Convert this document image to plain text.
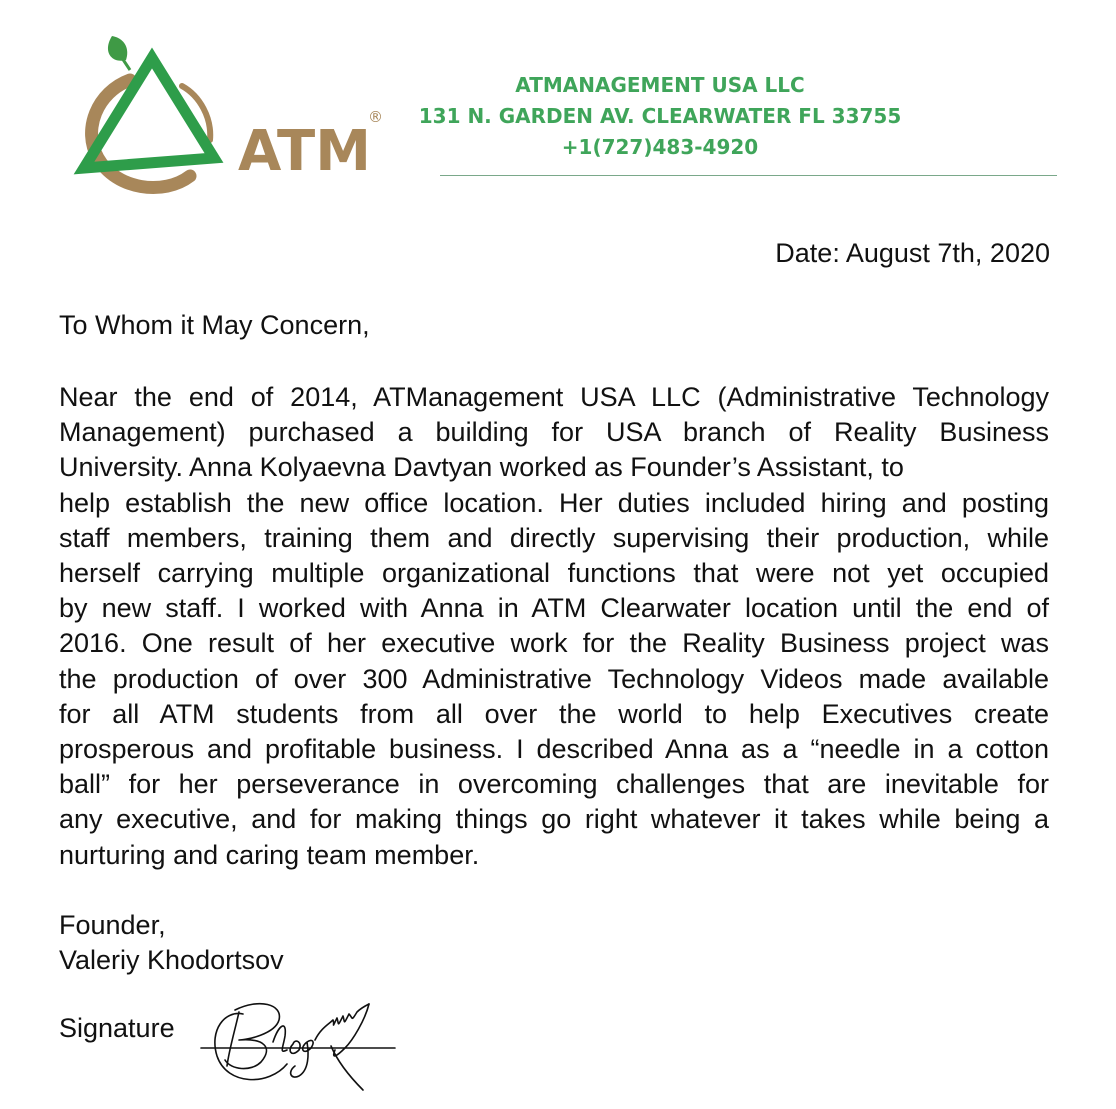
ATM
®
ATMANAGEMENT USA LLC
131 N. GARDEN AV. CLEARWATER FL 33755
+1(727)483-4920
Date: August 7th, 2020
To Whom it May Concern,
Near the end of 2014, ATManagement USA LLC (Administrative Technology
Management) purchased a building for USA branch of Reality Business
University. Anna Kolyaevna Davtyan worked as Founder’s Assistant, to
help establish the new office location. Her duties included hiring and posting
staff members, training them and directly supervising their production, while
herself carrying multiple organizational functions that were not yet occupied
by new staff. I worked with Anna in ATM Clearwater location until the end of
2016. One result of her executive work for the Reality Business project was
the production of over 300 Administrative Technology Videos made available
for all ATM students from all over the world to help Executives create
prosperous and profitable business. I described Anna as a “needle in a cotton
ball” for her perseverance in overcoming challenges that are inevitable for
any executive, and for making things go right whatever it takes while being a
nurturing and caring team member.
Founder,
Valeriy Khodortsov
Signature
